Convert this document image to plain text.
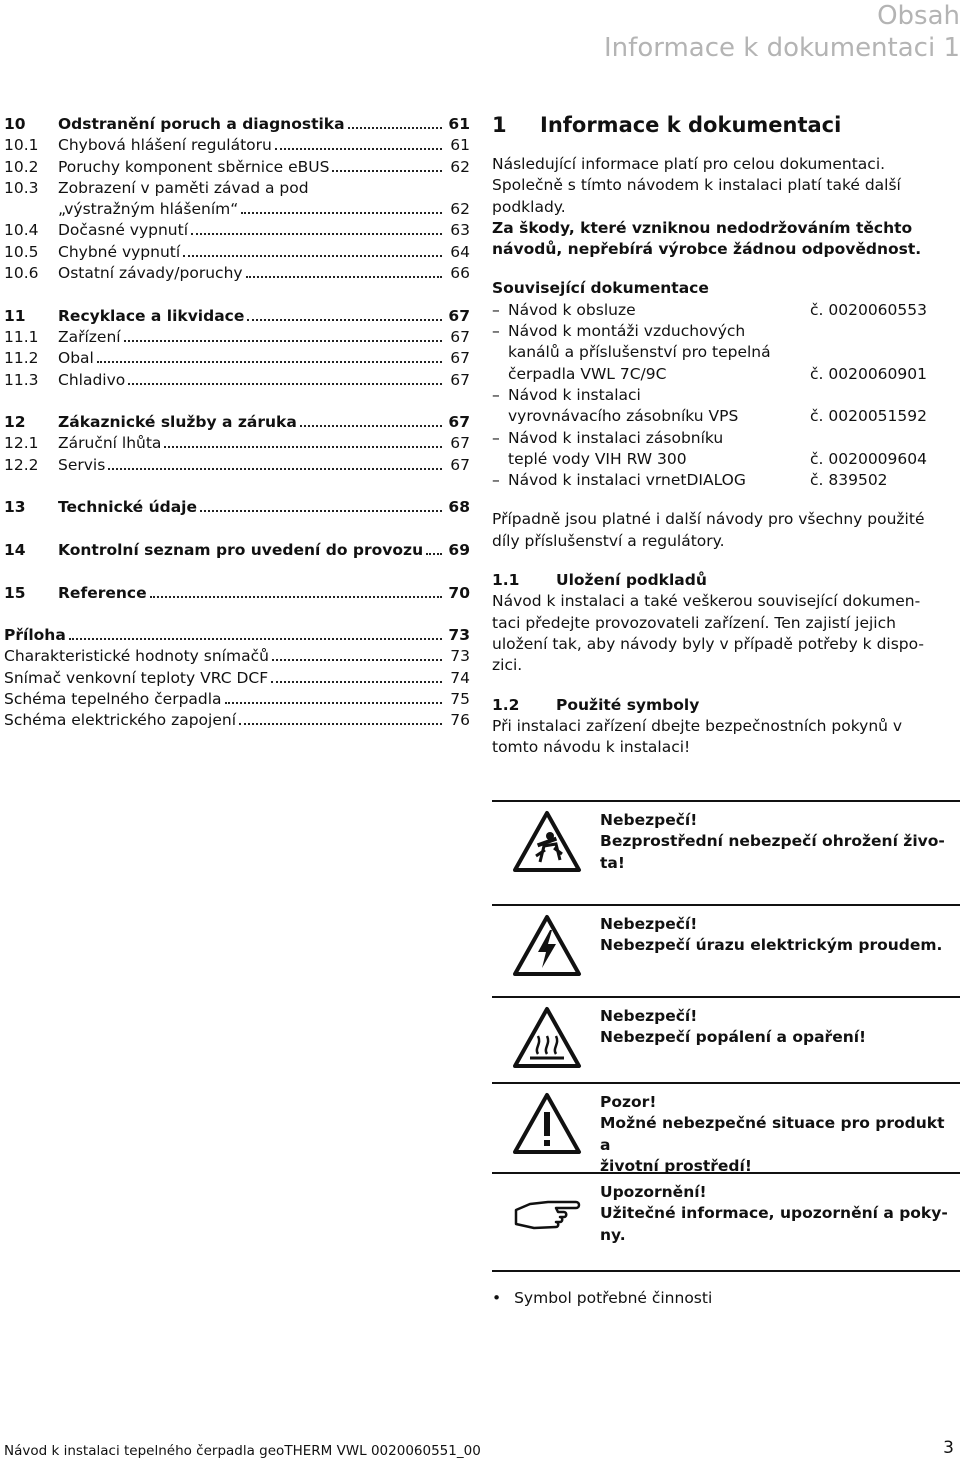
Obsah
Informace k dokumentaci 1
10	Odstranění poruch a diagnostika	61
10.1	Chybová hlášení regulátoru	61
10.2	Poruchy komponent sběrnice eBUS	62
10.3	Zobrazení v paměti závad a pod
„výstražným hlášením“	62
10.4	Dočasné vypnutí	63
10.5	Chybné vypnutí	64
10.6	Ostatní závady/poruchy	66
11	Recyklace a likvidace	67
11.1	Zařízení	67
11.2	Obal	67
11.3	Chladivo	67
12	Zákaznické služby a záruka	67
12.1	Záruční lhůta	67
12.2	Servis	67
13	Technické údaje	68
14	Kontrolní seznam pro uvedení do provozu 69
15	Reference	70
Příloha	73
Charakteristické hodnoty snímačů	73
Snímač venkovní teploty VRC DCF	74
Schéma tepelného čerpadla	75
Schéma elektrického zapojení	76
1	Informace k dokumentaci

Následující informace platí pro celou dokumentaci.

Společně s tímto návodem k instalaci platí také další

podklady.

Za škody, které vzniknou nedodržováním těchto

návodů, nepřebírá výrobce žádnou odpovědnost.

Související dokumentace

– Návod k obsluze	č. 0020060553
– Návod k montáži vzduchových
kanálů a příslušenství pro tepelná
čerpadla VWL 7C/9C	č. 0020060901
– Návod k instalaci
vyrovnávacího zásobníku VPS	č. 0020051592
– Návod k instalaci zásobníku
teplé vody VIH RW 300	č. 0020009604
– Návod k instalaci vrnetDIALOG	č. 839502

Případně jsou platné i další návody pro všechny použité

díly příslušenství a regulátory.

1.1	Uložení podkladů

Návod k instalaci a také veškerou související dokumen-

taci předejte provozovateli zařízení. Ten zajistí jejich

uložení tak, aby návody byly v případě potřeby k dispo-

zici.

1.2	Použité symboly

Při instalaci zařízení dbejte bezpečnostních pokynů v

tomto návodu k instalaci!

Nebezpečí!
Bezprostřední nebezpečí ohrožení živo-
ta!
Nebezpečí!
Nebezpečí úrazu elektrickým proudem.
Nebezpečí!
Nebezpečí popálení a opaření!
Pozor!
Možné nebezpečné situace pro produkt a
životní prostředí!
Upozornění!
Užitečné informace, upozornění a poky-
ny.
• Symbol potřebné činnosti
Návod k instalaci tepelného čerpadla geoTHERM VWL 0020060551_00	3
